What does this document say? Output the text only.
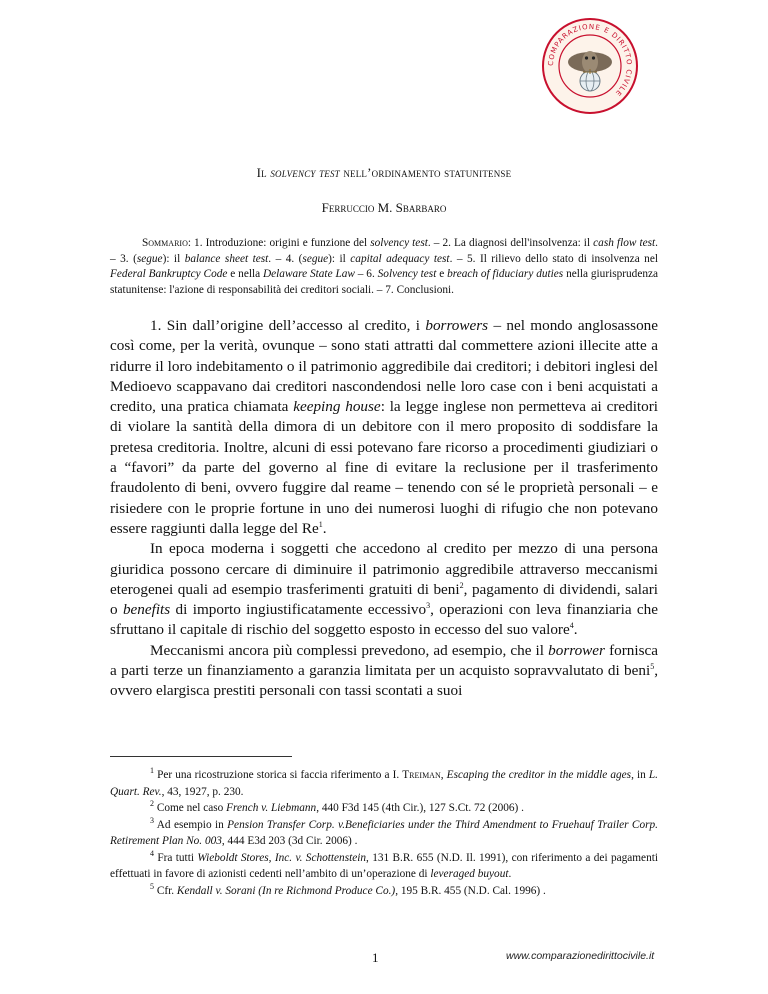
COMPARAZIONE E DIRITTO CIVILE
Il solvency test nell’ordinamento statunitense
Ferruccio M. Sbarbaro
Sommario: 1. Introduzione: origini e funzione del solvency test. – 2. La diagnosi dell'insolvenza: il cash flow test. – 3. (segue): il balance sheet test. – 4. (segue): il capital adequacy test. – 5. Il rilievo dello stato di insolvenza nel Federal Bankruptcy Code e nella Delaware State Law – 6. Solvency test e breach of fiduciary duties nella giurisprudenza statunitense: l'azione di responsabilità dei creditori sociali. – 7. Conclusioni.

1. Sin dall’origine dell’accesso al credito, i borrowers – nel mondo anglosassone così come, per la verità, ovunque – sono stati attratti dal commettere azioni illecite atte a ridurre il loro indebitamento o il patrimonio aggredibile dai creditori; i debitori inglesi del Medioevo scappavano dai creditori nascondendosi nelle loro case con i beni acquistati a credito, una pratica chiamata keeping house: la legge inglese non permetteva ai creditori di violare la santità della dimora di un debitore con il mero proposito di soddisfare la pretesa creditoria. Inoltre, alcuni di essi potevano fare ricorso a procedimenti giudiziari o a “favori” da parte del governo al fine di evitare la reclusione per il trasferimento fraudolento di beni, ovvero fuggire dal reame – tenendo con sé le proprietà personali – e risiedere con le proprie fortune in uno dei numerosi luoghi di rifugio che non potevano essere raggiunti dalla legge del Re$^1$.

In epoca moderna i soggetti che accedono al credito per mezzo di una persona giuridica possono cercare di diminuire il patrimonio aggredibile attraverso meccanismi eterogenei quali ad esempio trasferimenti gratuiti di beni$^2$, pagamento di dividendi, salari o benefits di importo ingiustificatamente eccessivo$^3$, operazioni con leva finanziaria che sfruttano il capitale di rischio del soggetto esposto in eccesso del suo valore$^4$.

Meccanismi ancora più complessi prevedono, ad esempio, che il borrower fornisca a parti terze un finanziamento a garanzia limitata per un acquisto sopravvalutato di beni$^5$, ovvero elargisca prestiti personali con tassi scontati a suoi

$^1$ Per una ricostruzione storica si faccia riferimento a I. Treiman, Escaping the creditor in the middle ages, in L. Quart. Rev., 43, 1927, p. 230.

$^2$ Come nel caso French v. Liebmann, 440 F3d 145 (4th Cir.), 127 S.Ct. 72 (2006) .

$^3$ Ad esempio in Pension Transfer Corp. v.Beneficiaries under the Third Amendment to Fruehauf Trailer Corp. Retirement Plan No. 003, 444 E3d 203 (3d Cir. 2006) .

$^4$ Fra tutti Wieboldt Stores, Inc. v. Schottenstein, 131 B.R. 655 (N.D. Il. 1991), con riferimento a dei pagamenti effettuati in favore di azionisti cedenti nell’ambito di un’operazione di leveraged buyout.

$^5$ Cfr. Kendall v. Sorani (In re Richmond Produce Co.), 195 B.R. 455 (N.D. Cal. 1996) .

1	www.comparazionedirittocivile.it
